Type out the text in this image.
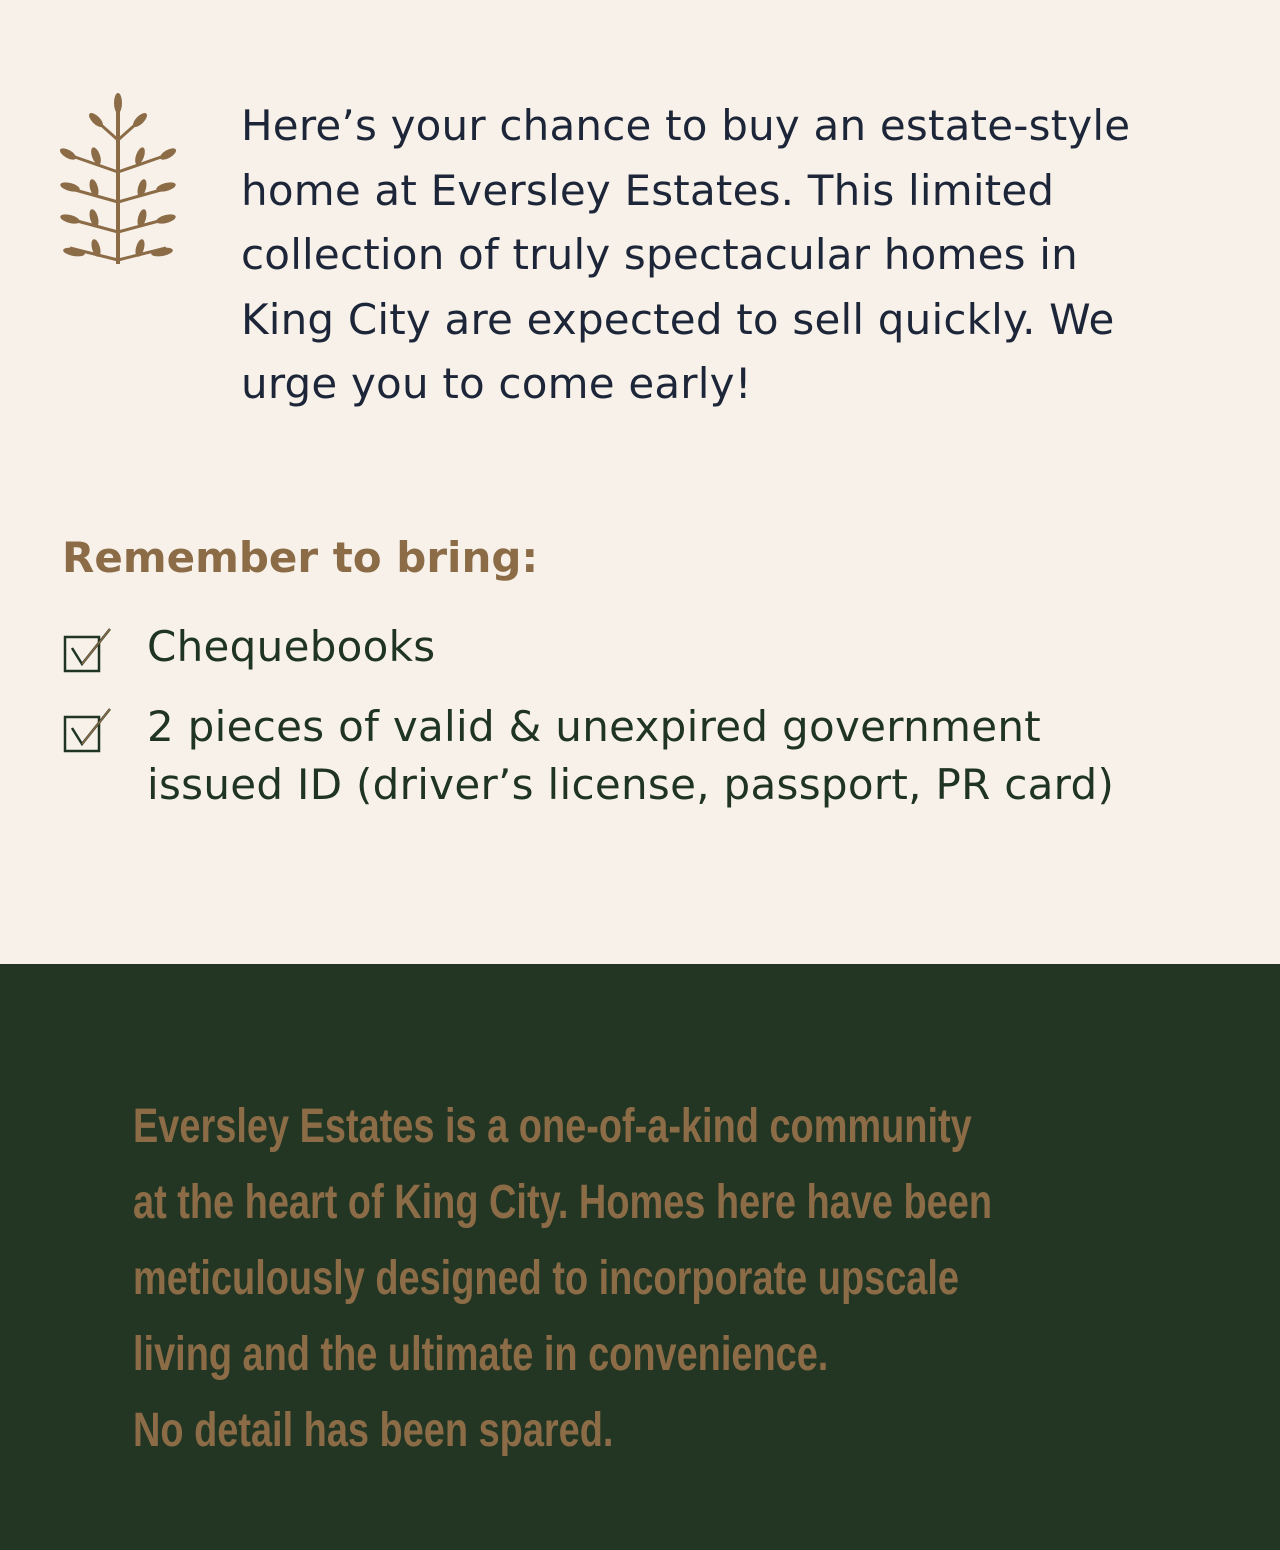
Here’s your chance to buy an estate-style
home at Eversley Estates. This limited
collection of truly spectacular homes in
King City are expected to sell quickly. We
urge you to come early!

Remember to bring:
Chequebooks
2 pieces of valid & unexpired government
issued ID (driver’s license, passport, PR card)

Eversley Estates is a one-of-a-kind community
at the heart of King City. Homes here have been
meticulously designed to incorporate upscale
living and the ultimate in convenience.
No detail has been spared.
